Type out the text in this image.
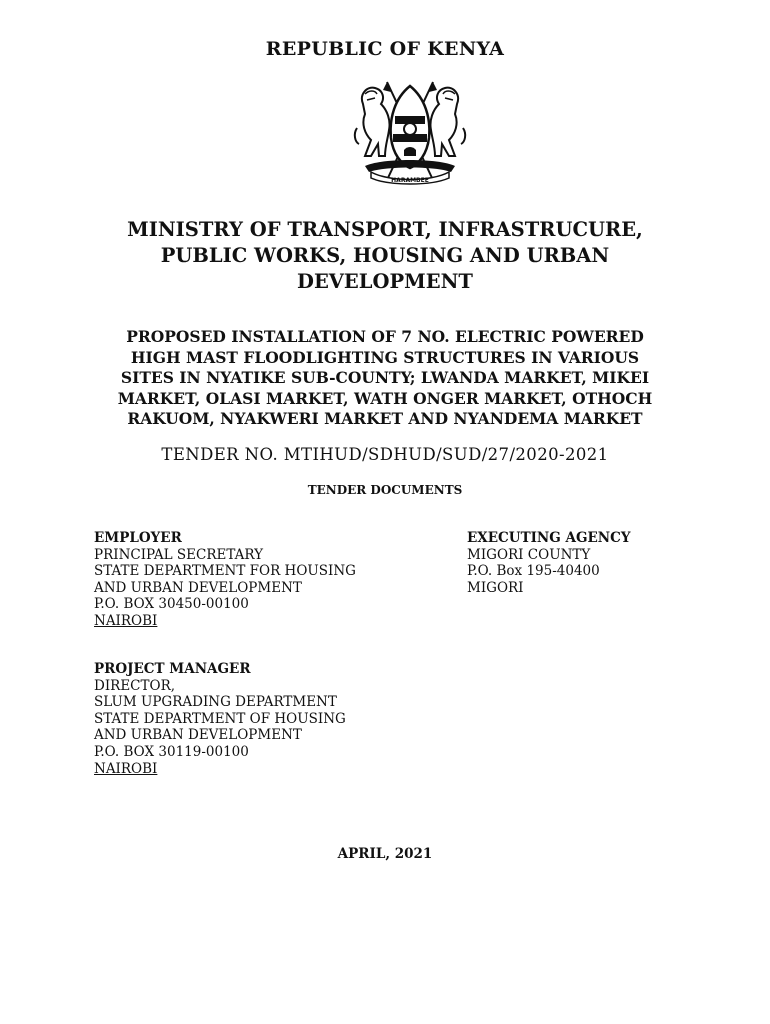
REPUBLIC OF KENYA
HARAMBEE
MINISTRY OF TRANSPORT, INFRASTRUCURE,
PUBLIC WORKS, HOUSING AND URBAN
DEVELOPMENT
PROPOSED INSTALLATION OF 7 NO. ELECTRIC POWERED
HIGH MAST FLOODLIGHTING STRUCTURES IN VARIOUS
SITES IN NYATIKE SUB-COUNTY; LWANDA MARKET, MIKEI
MARKET, OLASI MARKET, WATH ONGER MARKET, OTHOCH
RAKUOM, NYAKWERI MARKET AND NYANDEMA MARKET
TENDER NO. MTIHUD/SDHUD/SUD/27/2020-2021
TENDER DOCUMENTS
EMPLOYER
PRINCIPAL SECRETARY
STATE DEPARTMENT FOR HOUSING
AND URBAN DEVELOPMENT
P.O. BOX 30450-00100
NAIROBI
EXECUTING AGENCY
MIGORI COUNTY
P.O. Box 195-40400
MIGORI
PROJECT MANAGER
DIRECTOR,
SLUM UPGRADING DEPARTMENT
STATE DEPARTMENT OF HOUSING
AND URBAN DEVELOPMENT
P.O. BOX 30119-00100
NAIROBI
APRIL, 2021
